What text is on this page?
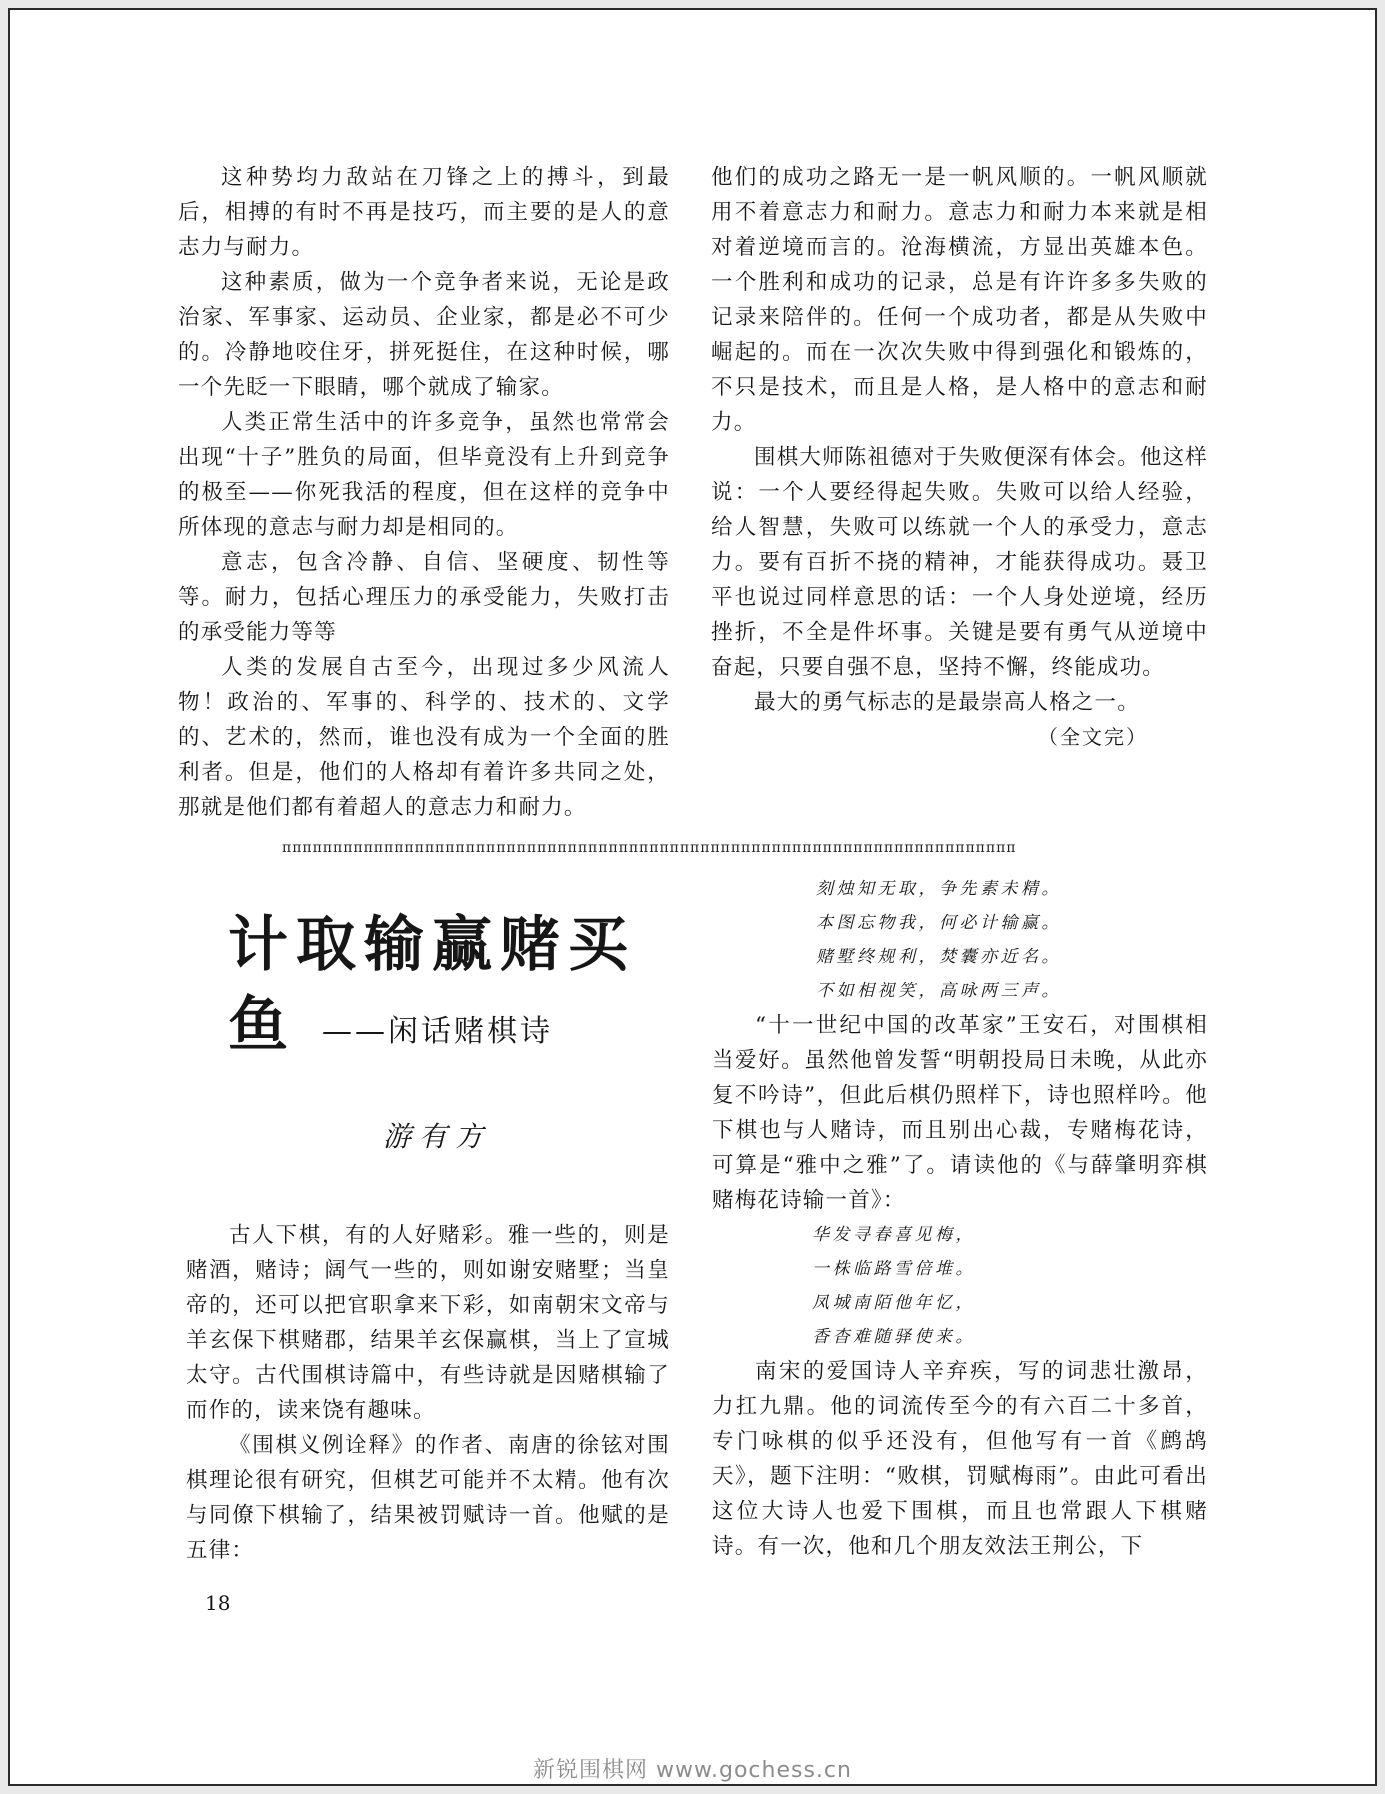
这种势均力敌站在刀锋之上的搏斗，到最后，相搏的有时不再是技巧，而主要的是人的意志力与耐力。

这种素质，做为一个竞争者来说，无论是政治家、军事家、运动员、企业家，都是必不可少的。冷静地咬住牙，拼死挺住，在这种时候，哪一个先眨一下眼睛，哪个就成了输家。

人类正常生活中的许多竞争，虽然也常常会出现“十子”胜负的局面，但毕竟没有上升到竞争的极至——你死我活的程度，但在这样的竞争中所体现的意志与耐力却是相同的。

意志，包含冷静、自信、坚硬度、韧性等等。耐力，包括心理压力的承受能力，失败打击的承受能力等等

人类的发展自古至今，出现过多少风流人物！政治的、军事的、科学的、技术的、文学的、艺术的，然而，谁也没有成为一个全面的胜利者。但是，他们的人格却有着许多共同之处，那就是他们都有着超人的意志力和耐力。

他们的成功之路无一是一帆风顺的。一帆风顺就用不着意志力和耐力。意志力和耐力本来就是相对着逆境而言的。沧海横流，方显出英雄本色。一个胜利和成功的记录，总是有许许多多失败的记录来陪伴的。任何一个成功者，都是从失败中崛起的。而在一次次失败中得到强化和锻炼的，不只是技术，而且是人格，是人格中的意志和耐力。

围棋大师陈祖德对于失败便深有体会。他这样说：一个人要经得起失败。失败可以给人经验，给人智慧，失败可以练就一个人的承受力，意志力。要有百折不挠的精神，才能获得成功。聂卫平也说过同样意思的话：一个人身处逆境，经历挫折，不全是件坏事。关键是要有勇气从逆境中奋起，只要自强不息，坚持不懈，终能成功。

最大的勇气标志的是最崇高人格之一。

（全文完）
ππππππππππππππππππππππππππππππππππππππππππππππππππππππππππππππππππππππππ
计取输赢赌买鱼 ——闲话赌棋诗
游有方

古人下棋，有的人好赌彩。雅一些的，则是赌酒，赌诗；阔气一些的，则如谢安赌墅；当皇帝的，还可以把官职拿来下彩，如南朝宋文帝与羊玄保下棋赌郡，结果羊玄保赢棋，当上了宣城太守。古代围棋诗篇中，有些诗就是因赌棋输了而作的，读来饶有趣味。

《围棋义例诠释》的作者、南唐的徐铉对围棋理论很有研究，但棋艺可能并不太精。他有次与同僚下棋输了，结果被罚赋诗一首。他赋的是五律：

刻烛知无取，争先素未精。
本图忘物我，何必计输赢。
赌墅终规利，焚囊亦近名。
不如相视笑，高咏两三声。

“十一世纪中国的改革家”王安石，对围棋相当爱好。虽然他曾发誓“明朝投局日未晚，从此亦复不吟诗”，但此后棋仍照样下，诗也照样吟。他下棋也与人赌诗，而且别出心裁，专赌梅花诗，可算是“雅中之雅”了。请读他的《与薛肇明弈棋赌梅花诗输一首》：

华发寻春喜见梅，
一株临路雪倍堆。
凤城南陌他年忆，
香杳难随驿使来。

南宋的爱国诗人辛弃疾，写的词悲壮激昂，力扛九鼎。他的词流传至今的有六百二十多首，专门咏棋的似乎还没有，但他写有一首《鹧鸪天》，题下注明：“败棋，罚赋梅雨”。由此可看出这位大诗人也爱下围棋，而且也常跟人下棋赌诗。有一次，他和几个朋友效法王荆公，下

18
新锐围棋网 www.gochess.cn
